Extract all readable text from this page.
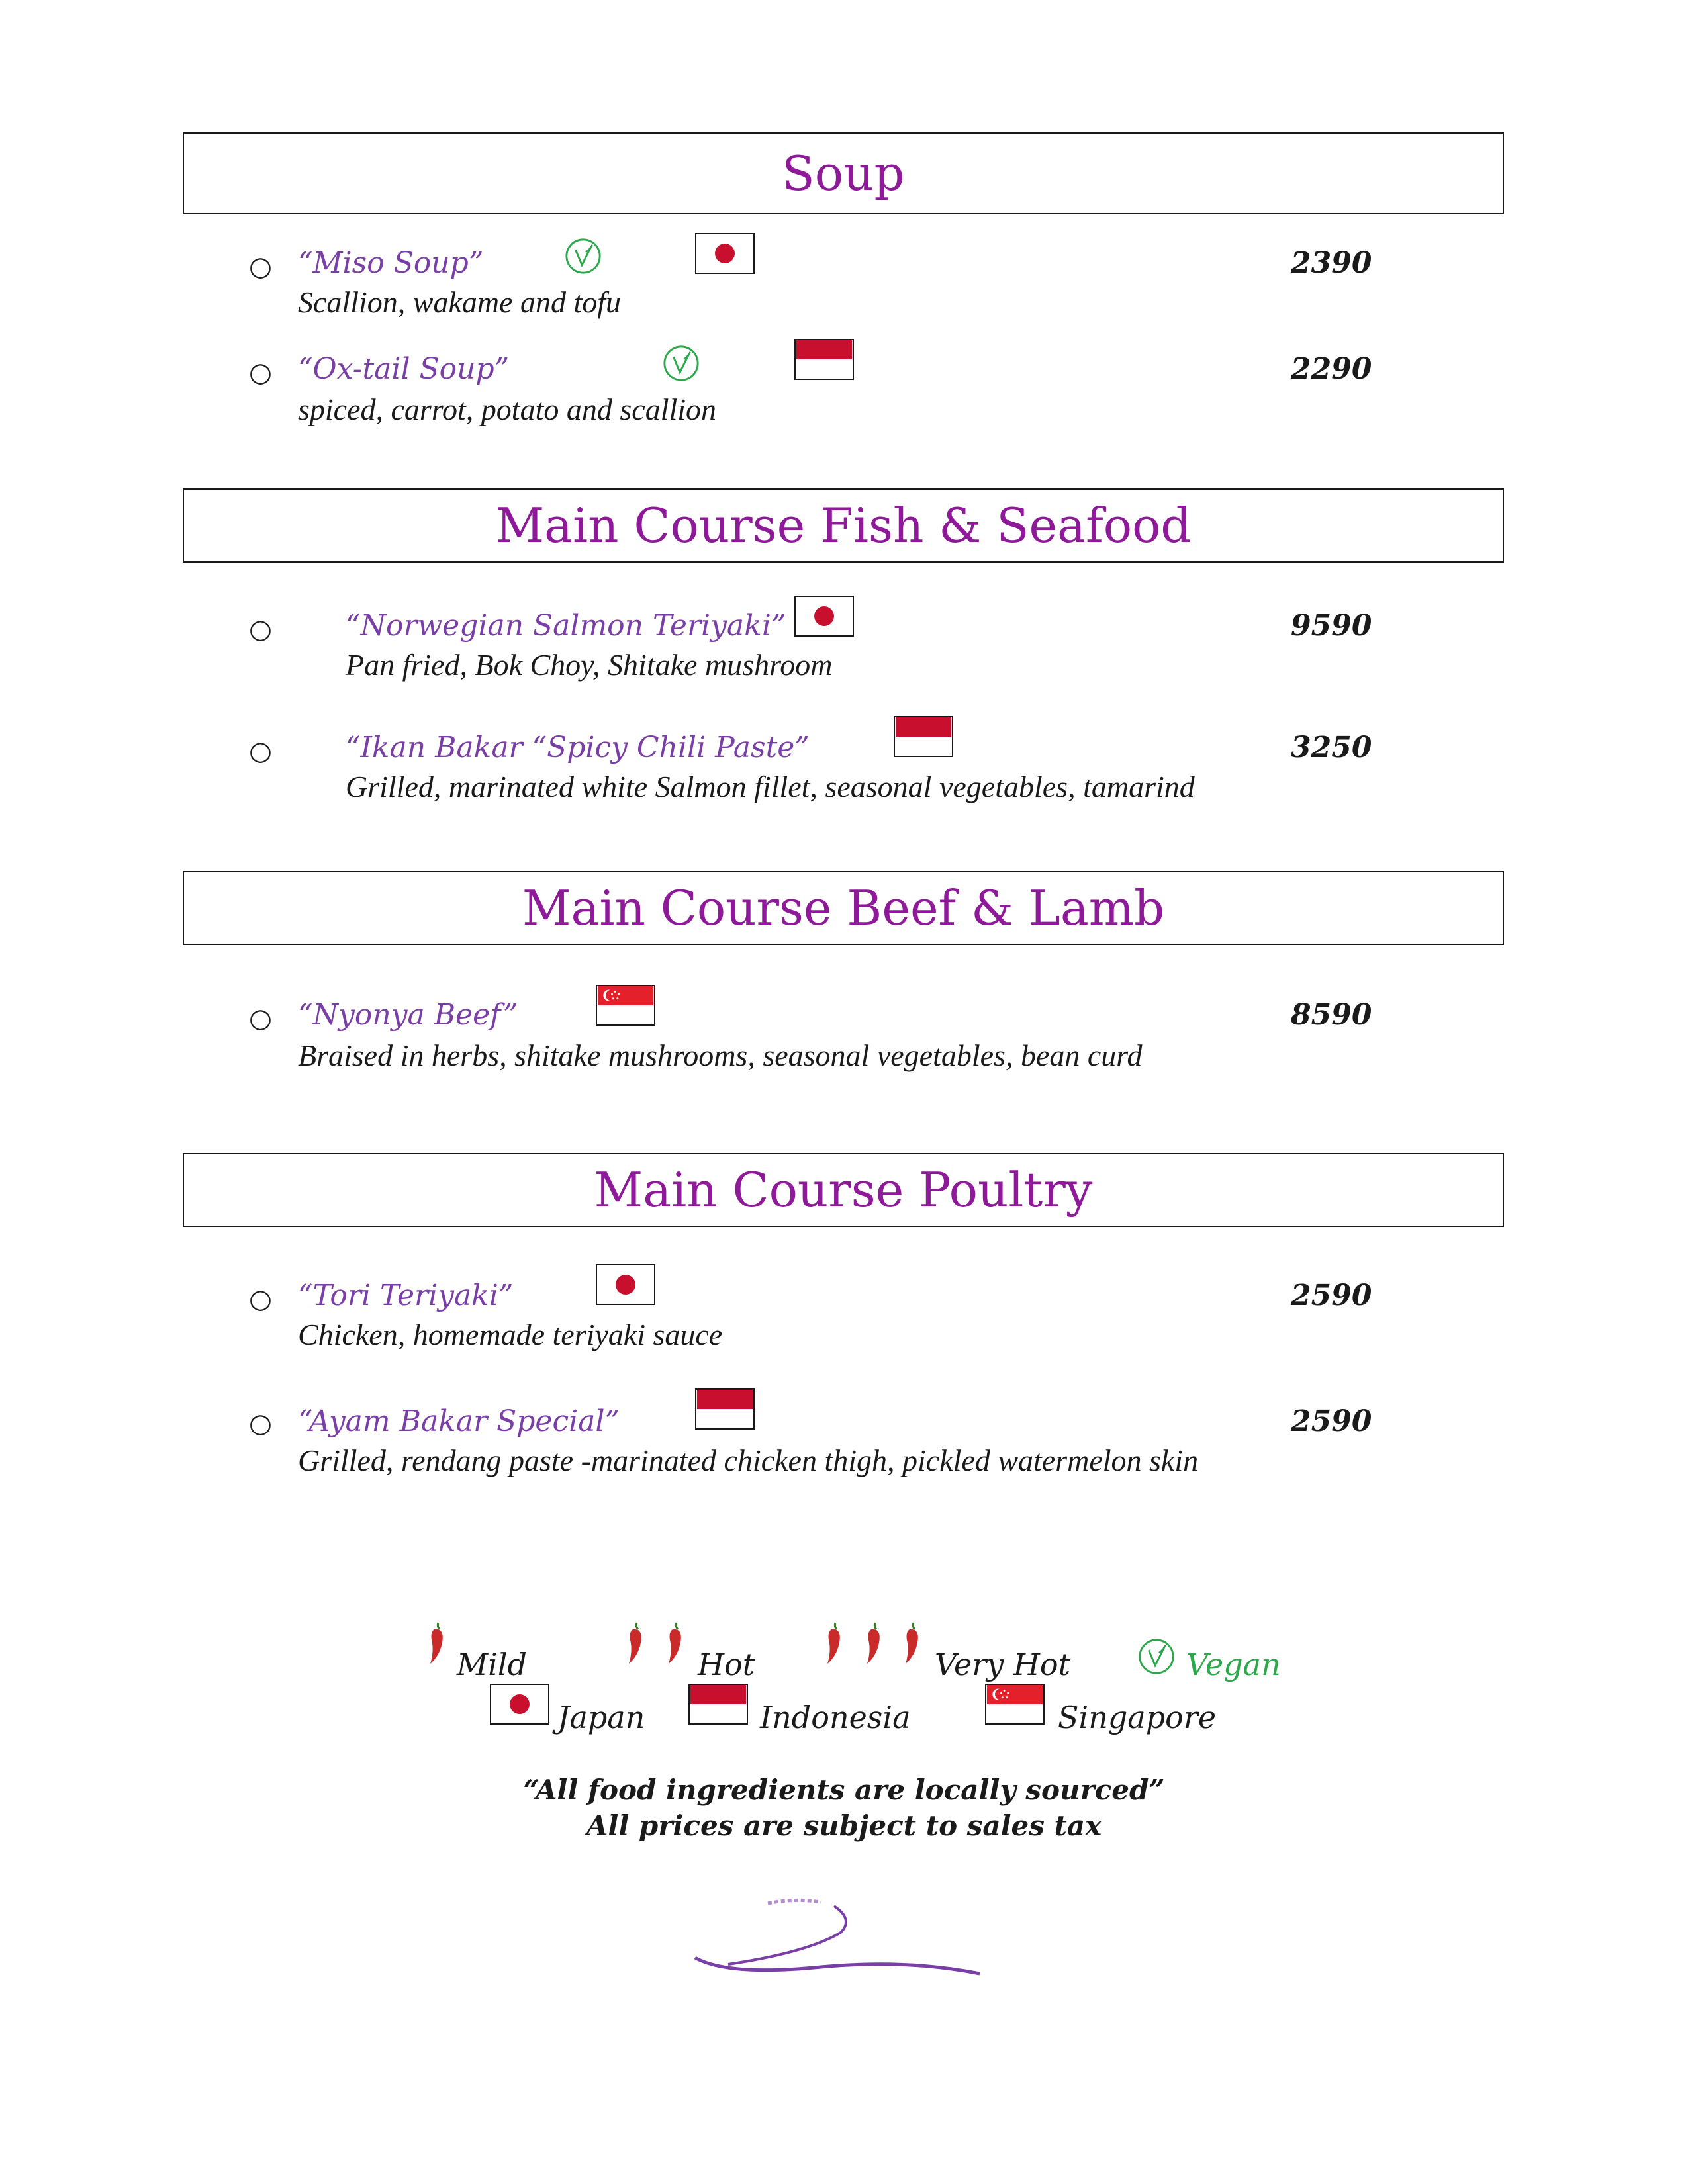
Soup
○ “Miso Soup”	2390
Scallion, wakame and tofu
○ “Ox-tail Soup”	2290
spiced, carrot, potato and scallion
Main Course Fish & Seafood
○	“Norwegian Salmon Teriyaki”	9590
Pan fried, Bok Choy, Shitake mushroom
○	“Ikan Bakar “Spicy Chili Paste”	3250
Grilled, marinated white Salmon fillet, seasonal vegetables, tamarind
Main Course Beef & Lamb
○ “Nyonya Beef”	8590
Braised in herbs, shitake mushrooms, seasonal vegetables, bean curd
Main Course Poultry
○ “Tori Teriyaki”	2590
Chicken, homemade teriyaki sauce
○ “Ayam Bakar Special”	2590
Grilled, rendang paste -marinated chicken thigh, pickled watermelon skin
Mild	Hot	Very Hot	Vegan
Japan	Indonesia	Singapore
“All food ingredients are locally sourced”
All prices are subject to sales tax
